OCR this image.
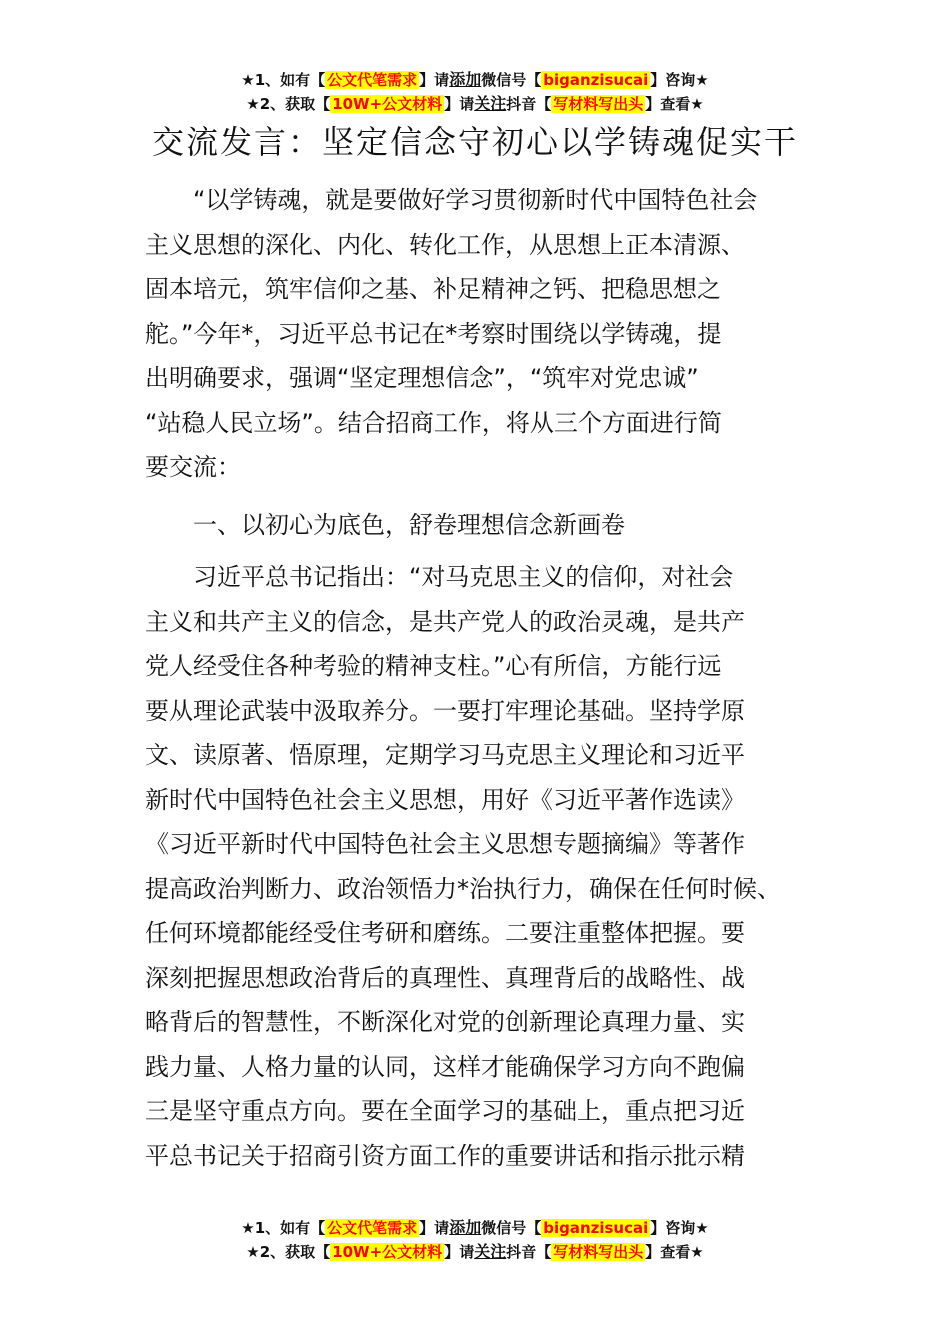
★1、如有【 公文代笔需求 】请添加微信号【 biganzisucai 】咨询★
★2、获取【 10W+公文材料 】请关注抖音【 写材料写出头 】查看★
交流发言：坚定信念守初心以学铸魂促实干
“以学铸魂，就是要做好学习贯彻新时代中国特色社会
主义思想的深化、内化、转化工作，从思想上正本清源、
固本培元，筑牢信仰之基、补足精神之钙、把稳思想之
舵。”今年*，习近平总书记在*考察时围绕以学铸魂，提
出明确要求，强调“坚定理想信念”，“筑牢对党忠诚”
“站稳人民立场”。结合招商工作，将从三个方面进行简
要交流：
一、以初心为底色，舒卷理想信念新画卷
习近平总书记指出：“对马克思主义的信仰，对社会
主义和共产主义的信念，是共产党人的政治灵魂，是共产
党人经受住各种考验的精神支柱。”心有所信，方能行远
要从理论武装中汲取养分。一要打牢理论基础。坚持学原
文、读原著、悟原理，定期学习马克思主义理论和习近平
新时代中国特色社会主义思想，用好《习近平著作选读》
《习近平新时代中国特色社会主义思想专题摘编》等著作
提高政治判断力、政治领悟力*治执行力，确保在任何时候、
任何环境都能经受住考研和磨练。二要注重整体把握。要
深刻把握思想政治背后的真理性、真理背后的战略性、战
略背后的智慧性，不断深化对党的创新理论真理力量、实
践力量、人格力量的认同，这样才能确保学习方向不跑偏
三是坚守重点方向。要在全面学习的基础上，重点把习近
平总书记关于招商引资方面工作的重要讲话和指示批示精
★1、如有【 公文代笔需求 】请添加微信号【 biganzisucai 】咨询★
★2、获取【 10W+公文材料 】请关注抖音【 写材料写出头 】查看★
